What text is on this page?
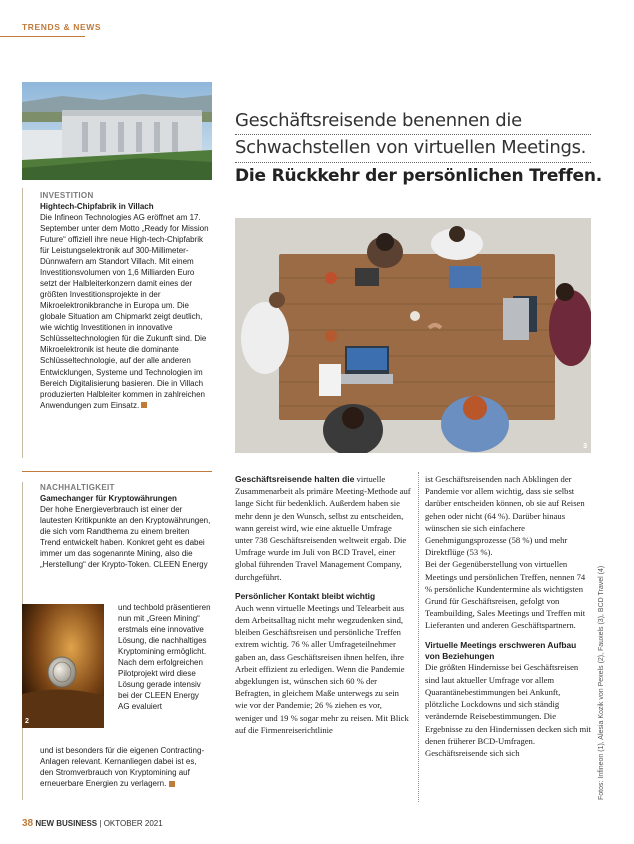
TRENDS & NEWS
INVESTITION
Hightech-Chipfabrik in Villach

Die Infineon Technologies AG eröffnet am 17. September unter dem Motto „Ready for Mission Future“ offiziell ihre neue High-tech-Chipfabrik für Leistungselektronik auf 300-Millimeter-Dünnwafern am Standort Villach. Mit einem Investitionsvolumen von 1,6 Milliarden Euro setzt der Halbleiterkonzern damit eines der größten Investitionsprojekte in der Mikroelektronikbranche in Europa um. Die globale Situation am Chipmarkt zeigt deutlich, wie wichtig Investitionen in innovative Schlüsseltechnologien für die Zukunft sind. Die Mikroelektronik ist heute die dominante Schlüsseltechnologie, auf der alle anderen Entwicklungen, Systeme und Technologien im Bereich Digitalisierung basieren. Die in Villach produzierten Halbleiter kommen in zahlreichen Anwendungen zum Einsatz.

NACHHALTIGKEIT
Gamechanger für Kryptowährungen

Der hohe Energieverbrauch ist einer der lautesten Kritikpunkte an den Kryptowährungen, die sich vom Randthema zu einem breiten Trend entwickelt haben. Konkret geht es dabei immer um das sogenannte Mining, also die „Herstellung“ der Krypto-Token. CLEEN Energy

und techbold präsentieren nun mit „Green Mining“ erstmals eine innovative Lösung, die nachhaltiges Kryptomining ermöglicht. Nach dem erfolgreichen Pilotprojekt wird diese Lösung gerade intensiv bei der CLEEN Energy AG evaluiert

und ist besonders für die eigenen Contracting-Anlagen relevant. Kernanliegen dabei ist es, den Stromverbrauch von Kryptomining auf erneuerbare Energien zu verlagern.

2
Geschäftsreisende benennen die
Schwachstellen von virtuellen Meetings.
Die Rückkehr der persönlichen Treffen.
3

Geschäftsreisende halten die virtuelle Zusammenarbeit als primäre Meeting-Methode auf lange Sicht für bedenklich. Außerdem haben sie mehr denn je den Wunsch, selbst zu entscheiden, wann gereist wird, wie eine aktuelle Umfrage unter 738 Geschäftsreisenden weltweit ergab. Die Umfrage wurde im Juli von BCD Travel, einer global führenden Travel Management Company, durchgeführt.

Persönlicher Kontakt bleibt wichtig

Auch wenn virtuelle Meetings und Telearbeit aus dem Arbeitsalltag nicht mehr wegzudenken sind, bleiben Geschäftsreisen und persönliche Treffen extrem wichtig. 76 % aller Umfrageteilnehmer gaben an, dass Geschäftsreisen ihnen helfen, ihre Arbeit effizient zu erledigen. Wenn die Pandemie abgeklungen ist, wünschen sich 60 % der Befragten, in gleichem Maße unterwegs zu sein wie vor der Pandemie; 26 % ziehen es vor, weniger und 19 % sogar mehr zu reisen. Mit Blick auf die Firmenreiserichtlinie

ist Geschäftsreisenden nach Abklingen der Pandemie vor allem wichtig, dass sie selbst darüber entscheiden können, ob sie auf Reisen gehen oder nicht (64 %). Darüber hinaus wünschen sie sich einfachere Genehmigungsprozesse (58 %) und mehr Direktflüge (53 %).

Bei der Gegenüberstellung von virtuellen Meetings und persönlichen Treffen, nennen 74 % persönliche Kundentermine als wichtigsten Grund für Geschäftsreisen, gefolgt von Teambuilding, Sales Meetings und Treffen mit Lieferanten und anderen Geschäftspartnern.

Virtuelle Meetings erschweren Aufbau von Beziehungen

Die größten Hindernisse bei Geschäftsreisen sind laut aktueller Umfrage vor allem Quarantänebestimmungen bei Ankunft, plötzliche Lockdowns und sich ständig verändernde Reisebestimmungen. Die Ergebnisse zu den Hindernissen decken sich mit denen früherer BCD-Umfragen. Geschäftsreisende sich sich	Fotos: Infineon (1), Alesia Kozik von Pexels (2), Fauxels (3), BCD Travel (4)
38 NEW BUSINESS | OKTOBER 2021
